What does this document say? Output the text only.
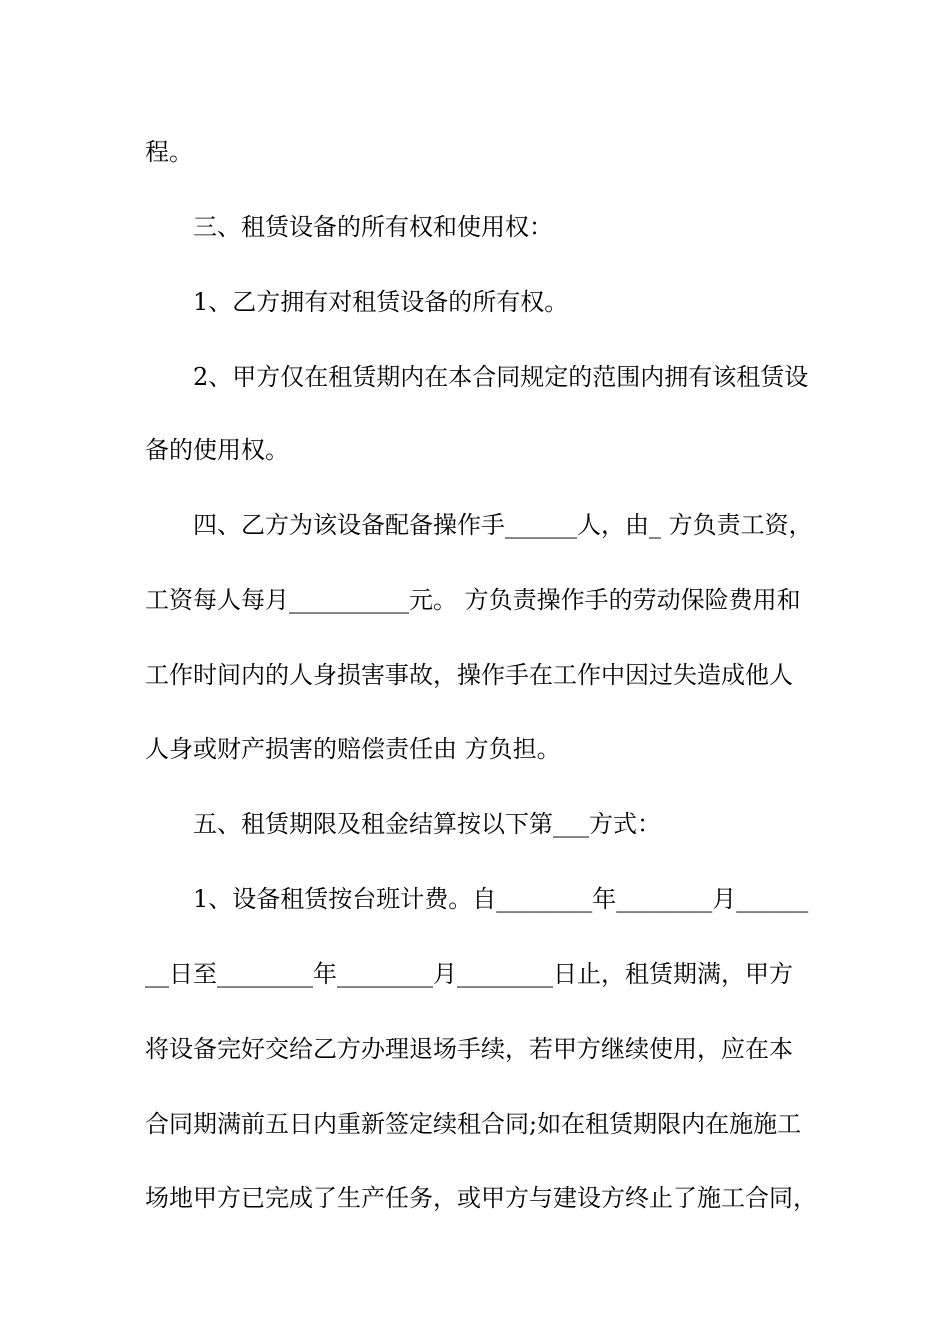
程。
三、租赁设备的所有权和使用权：
1、乙方拥有对租赁设备的所有权。
2、甲方仅在租赁期内在本合同规定的范围内拥有该租赁设
备的使用权。
四、乙方为该设备配备操作手______人，由_ 方负责工资，
工资每人每月__________元。 方负责操作手的劳动保险费用和
工作时间内的人身损害事故，操作手在工作中因过失造成他人
人身或财产损害的赔偿责任由 方负担。
五、租赁期限及租金结算按以下第___方式：
1、设备租赁按台班计费。自________年________月______
__日至________年________月________日止，租赁期满，甲方
将设备完好交给乙方办理退场手续，若甲方继续使用，应在本
合同期满前五日内重新签定续租合同;如在租赁期限内在施施工
场地甲方已完成了生产任务，或甲方与建设方终止了施工合同，
